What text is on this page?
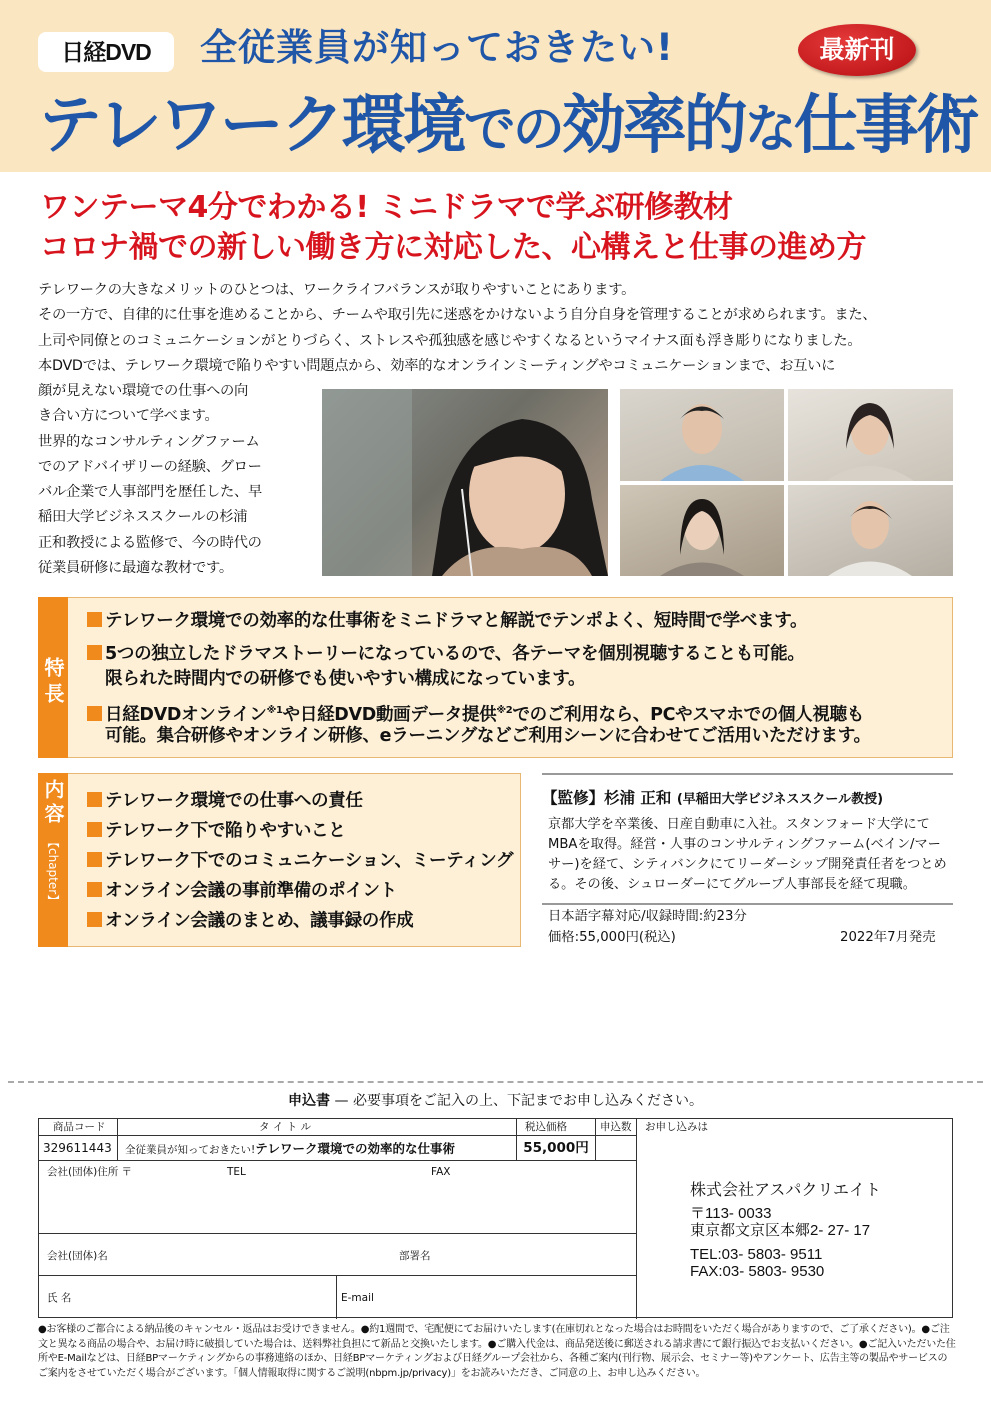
日経DVD	全従業員が知っておきたい!	最新刊
テレワーク環境での効率的な仕事術
ワンテーマ4分でわかる! ミニドラマで学ぶ研修教材
コロナ禍での新しい働き方に対応した、心構えと仕事の進め方
テレワークの大きなメリットのひとつは、ワークライフバランスが取りやすいことにあります。
その一方で、自律的に仕事を進めることから、チームや取引先に迷惑をかけないよう自分自身を管理することが求められます。また、
上司や同僚とのコミュニケーションがとりづらく、ストレスや孤独感を感じやすくなるというマイナス面も浮き彫りになりました。
本DVDでは、テレワーク環境で陥りやすい問題点から、効率的なオンラインミーティングやコミュニケーションまで、お互いに
顔が見えない環境での仕事への向
き合い方について学べます。
世界的なコンサルティングファーム
でのアドバイザリーの経験、グロー
バル企業で人事部門を歴任した、早
稲田大学ビジネススクールの杉浦
正和教授による監修で、今の時代の
従業員研修に最適な教材です。
特長
テレワーク環境での効率的な仕事術をミニドラマと解説でテンポよく、短時間で学べます。
5つの独立したドラマストーリーになっているので、各テーマを個別視聴することも可能。
限られた時間内での研修でも使いやすい構成になっています。
日経DVDオンライン$^{※1}$や日経DVD動画データ提供$^{※2}$でのご利用なら、PCやスマホでの個人視聴も
可能。集合研修やオンライン研修、eラーニングなどご利用シーンに合わせてご活用いただけます。
内容 【chapter】
テレワーク環境での仕事への責任
テレワーク下で陥りやすいこと
テレワーク下でのコミュニケーション、ミーティング
オンライン会議の事前準備のポイント
オンライン会議のまとめ、議事録の作成
【監修】杉浦 正和 (早稲田大学ビジネススクール教授)
京都大学を卒業後、日産自動車に入社。スタンフォード大学にてMBAを取得。経営・人事のコンサルティングファーム(ベイン/マーサー)を経て、シティバンクにてリーダーシップ開発責任者をつとめる。その後、シュローダーにてグループ人事部長を経て現職。
日本語字幕対応/収録時間:約23分
価格:55,000円(税込)	2022年7月発売
申込書 — 必要事項をご記入の上、下記までお申し込みください。
商品コード	タ イ ト ル	税込価格	申込数 お申し込みは
329611443 全従業員が知っておきたい!テレワーク環境での効率的な仕事術	55,000円
会社(団体)住所 〒	TEL	FAX
会社(団体)名	部署名
氏 名	E-mail
株式会社アスパクリエイト
〒113- 0033
東京都文京区本郷2- 27- 17
TEL:03- 5803- 9511
FAX:03- 5803- 9530
●お客様のご都合による納品後のキャンセル・返品はお受けできません。●約1週間で、宅配便にてお届けいたします(在庫切れとなった場合はお時間をいただく場合がありますので、ご了承ください)。●ご注文と異なる商品の場合や、お届け時に破損していた場合は、送料弊社負担にて新品と交換いたします。●ご購入代金は、商品発送後に郵送される請求書にて銀行振込でお支払いください。●ご記入いただいた住所やE-Mailなどは、日経BPマーケティングからの事務連絡のほか、日経BPマーケティングおよび日経グループ会社から、各種ご案内(刊行物、展示会、セミナー等)やアンケート、広告主等の製品やサービスのご案内をさせていただく場合がございます。「個人情報取得に関するご説明(nbpm.jp/privacy)」をお読みいただき、ご同意の上、お申し込みください。
